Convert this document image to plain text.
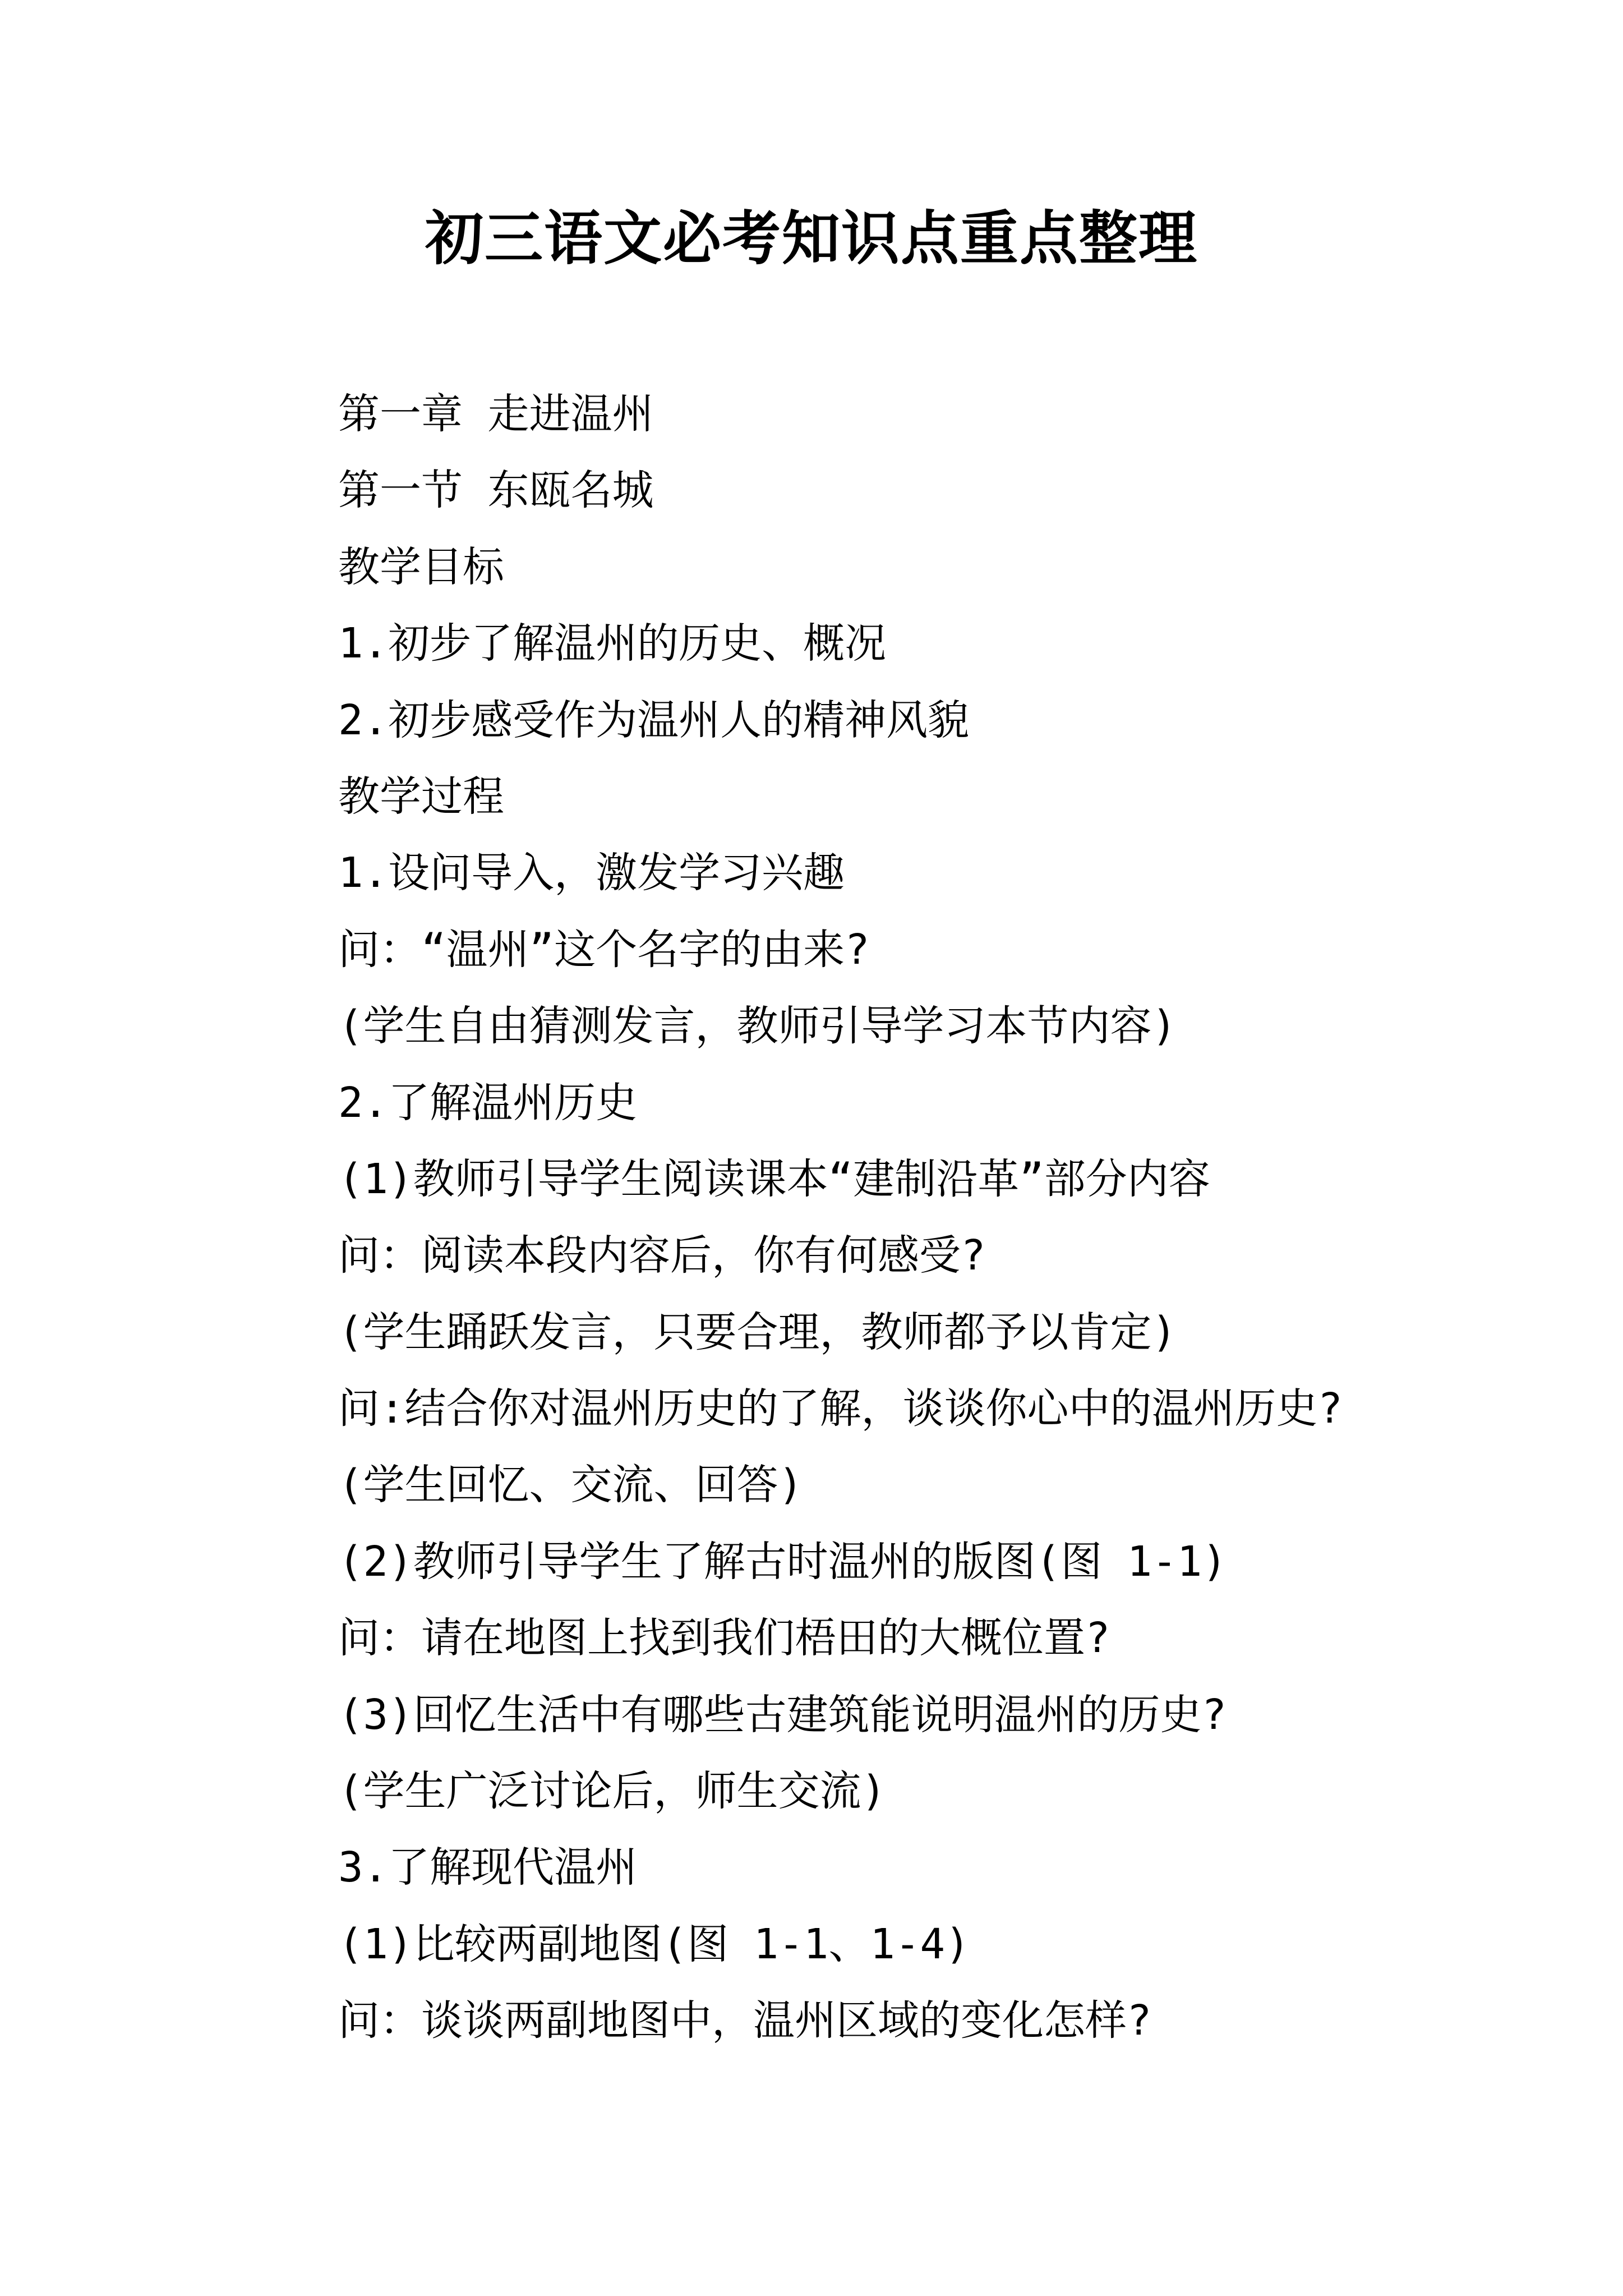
初三语文必考知识点重点整理
第一章 走进温州
第一节 东瓯名城
教学目标
1.初步了解温州的历史、概况
2.初步感受作为温州人的精神风貌
教学过程
1.设问导入，激发学习兴趣
问：“温州”这个名字的由来?
(学生自由猜测发言，教师引导学习本节内容)
2.了解温州历史
(1)教师引导学生阅读课本“建制沿革”部分内容
问：阅读本段内容后，你有何感受?
(学生踊跃发言，只要合理，教师都予以肯定)
问:结合你对温州历史的了解，谈谈你心中的温州历史?
(学生回忆、交流、回答)
(2)教师引导学生了解古时温州的版图(图 1-1)
问：请在地图上找到我们梧田的大概位置?
(3)回忆生活中有哪些古建筑能说明温州的历史?
(学生广泛讨论后，师生交流)
3.了解现代温州
(1)比较两副地图(图 1-1、1-4)
问：谈谈两副地图中，温州区域的变化怎样?
